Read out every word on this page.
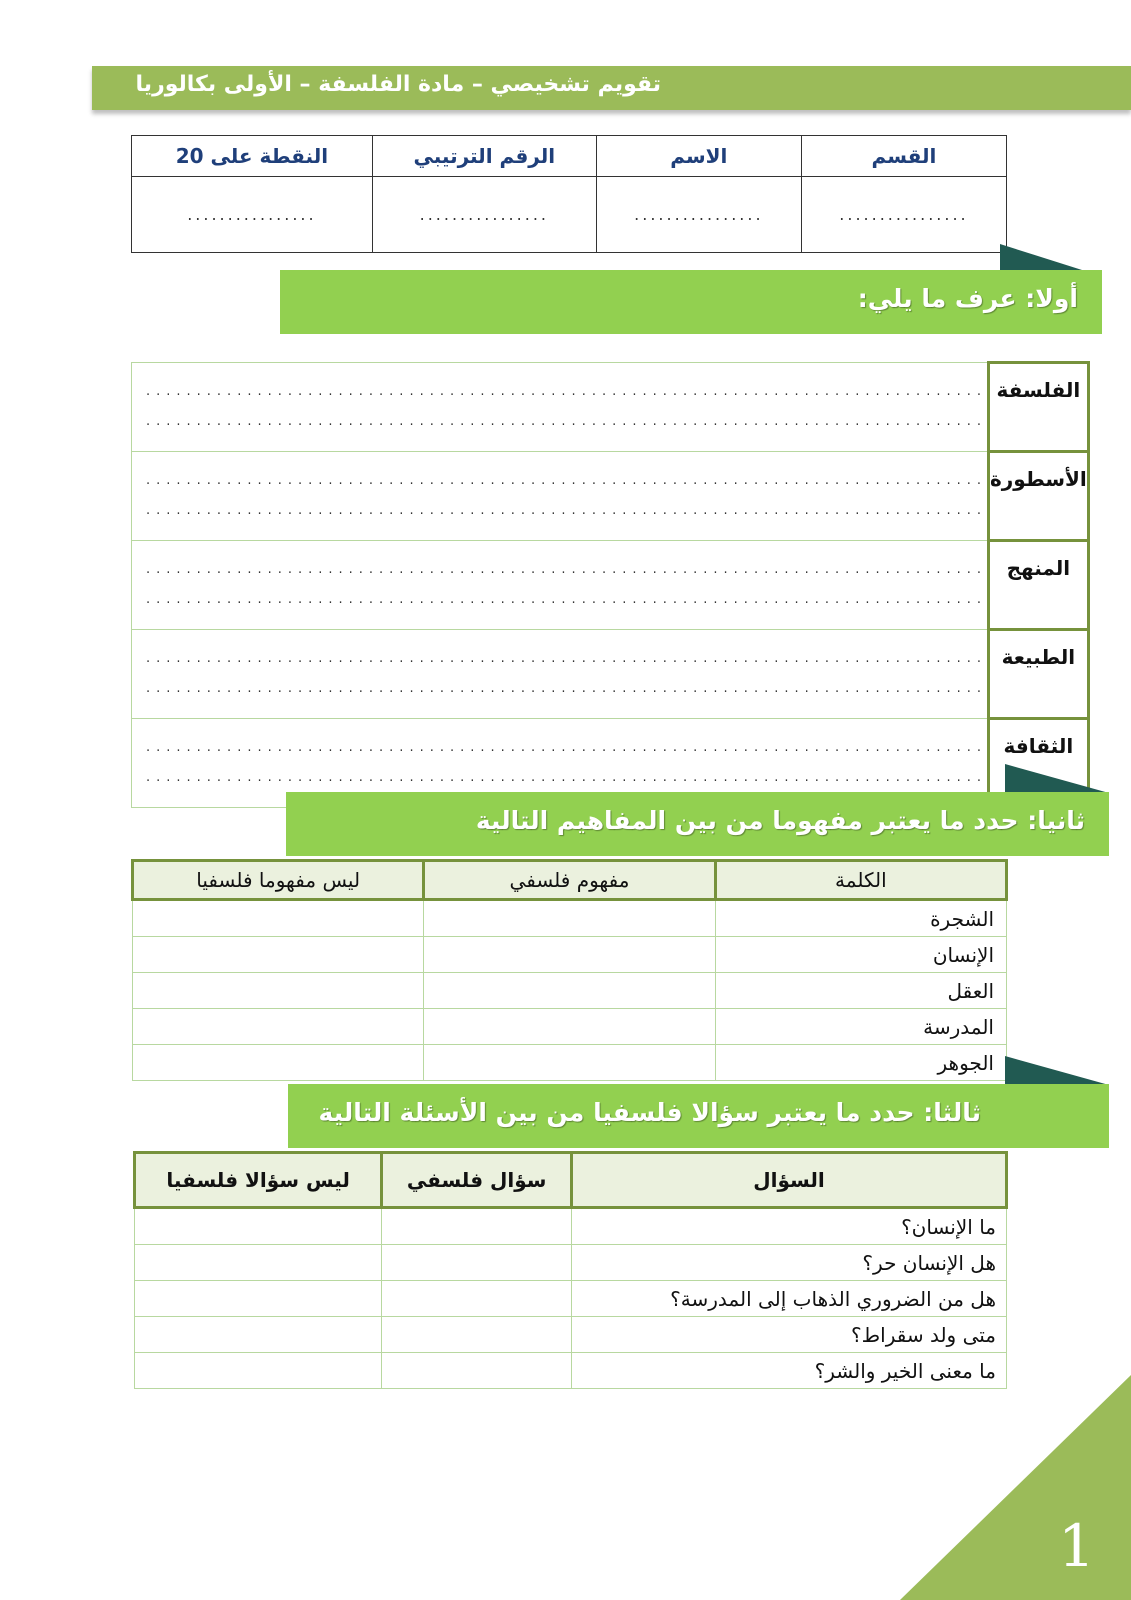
تقويم تشخيصي – مادة الفلسفة – الأولى بكالوريا
القسم	الاسم	الرقم الترتيبي	النقطة على 20
................	................	................	................
أولا: عرف ما يلي:
الفلسفة	...................................................................................
...................................................................................

الأسطورة	...................................................................................
...................................................................................

المنهج	...................................................................................
...................................................................................

الطبيعة	...................................................................................
...................................................................................

الثقافة	...................................................................................
...................................................................................
ثانيا: حدد ما يعتبر مفهوما من بين المفاهيم التالية
الكلمة	مفهوم فلسفي	ليس مفهوما فلسفيا
الشجرة		
الإنسان		
العقل		
المدرسة		
الجوهر		
ثالثا: حدد ما يعتبر سؤالا فلسفيا من بين الأسئلة التالية
السؤال	سؤال فلسفي	ليس سؤالا فلسفيا
ما الإنسان؟		
هل الإنسان حر؟		
هل من الضروري الذهاب إلى المدرسة؟		
متى ولد سقراط؟		
ما معنى الخير والشر؟		
1
